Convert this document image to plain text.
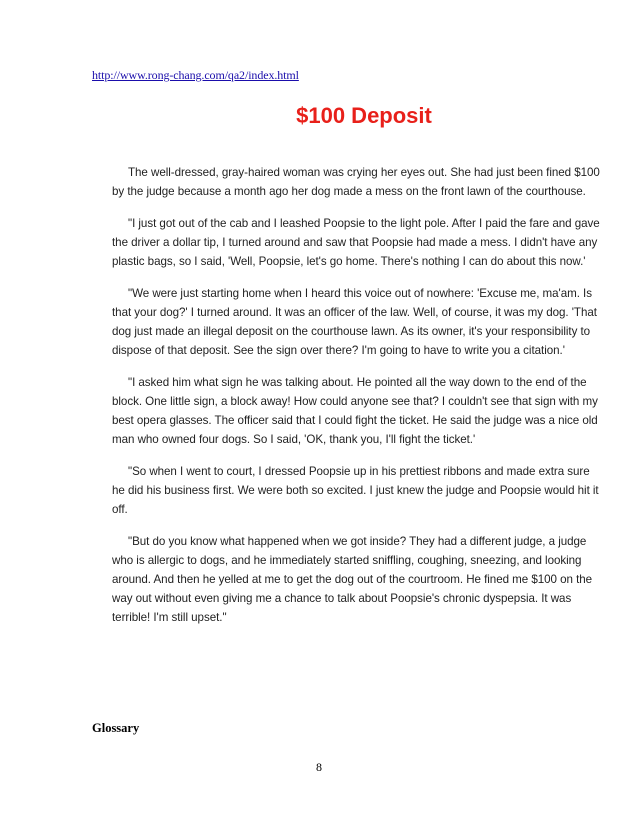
http://www.rong-chang.com/qa2/index.html
$100 Deposit

The well-dressed, gray-haired woman was crying her eyes out. She had just been fined $100 by the judge because a month ago her dog made a mess on the front lawn of the courthouse.

"I just got out of the cab and I leashed Poopsie to the light pole. After I paid the fare and gave the driver a dollar tip, I turned around and saw that Poopsie had made a mess. I didn't have any plastic bags, so I said, 'Well, Poopsie, let's go home. There's nothing I can do about this now.'

"We were just starting home when I heard this voice out of nowhere: 'Excuse me, ma'am. Is that your dog?' I turned around. It was an officer of the law. Well, of course, it was my dog. 'That dog just made an illegal deposit on the courthouse lawn. As its owner, it's your responsibility to dispose of that deposit. See the sign over there? I'm going to have to write you a citation.'

"I asked him what sign he was talking about. He pointed all the way down to the end of the block. One little sign, a block away! How could anyone see that? I couldn't see that sign with my best opera glasses. The officer said that I could fight the ticket. He said the judge was a nice old man who owned four dogs. So I said, 'OK, thank you, I'll fight the ticket.'

"So when I went to court, I dressed Poopsie up in his prettiest ribbons and made extra sure he did his business first. We were both so excited. I just knew the judge and Poopsie would hit it off.

"But do you know what happened when we got inside? They had a different judge, a judge who is allergic to dogs, and he immediately started sniffling, coughing, sneezing, and looking around. And then he yelled at me to get the dog out of the courtroom. He fined me $100 on the way out without even giving me a chance to talk about Poopsie's chronic dyspepsia. It was terrible! I'm still upset."

Glossary
8
